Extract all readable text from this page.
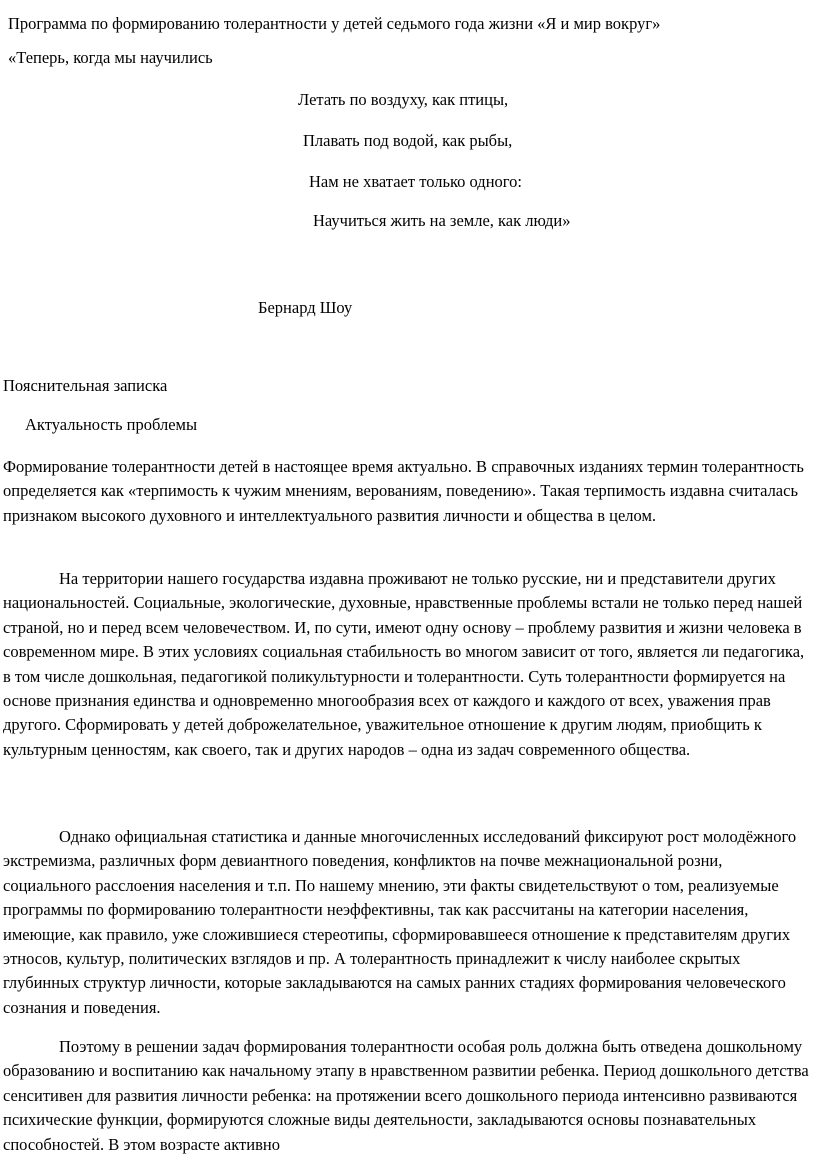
Программа по формированию толерантности у детей седьмого года жизни «Я и мир вокруг»
«Теперь, когда мы научились
Летать по воздуху, как птицы,
Плавать под водой, как рыбы,
Нам не хватает только одного:
Научиться жить на земле, как люди»
Бернард Шоу
Пояснительная записка
Актуальность проблемы

Формирование толерантности детей в настоящее время актуально. В справочных изданиях термин толерантность определяется как «терпимость к чужим мнениям, верованиям, поведению». Такая терпимость издавна считалась признаком высокого духовного и интеллектуального развития личности и общества в целом.

На территории нашего государства издавна проживают не только русские, ни и представители других национальностей. Социальные, экологические, духовные, нравственные проблемы встали не только перед нашей страной, но и перед всем человечеством. И, по сути, имеют одну основу – проблему развития и жизни человека в современном мире. В этих условиях социальная стабильность во многом зависит от того, является ли педагогика, в том числе дошкольная, педагогикой поликультурности и толерантности. Суть толерантности формируется на основе признания единства и одновременно многообразия всех от каждого и каждого от всех, уважения прав другого. Сформировать у детей доброжелательное, уважительное отношение к другим людям, приобщить к культурным ценностям, как своего, так и других народов – одна из задач современного общества.

Однако официальная статистика и данные многочисленных исследований фиксируют рост молодёжного экстремизма, различных форм девиантного поведения, конфликтов на почве межнациональной розни, социального расслоения населения и т.п. По нашему мнению, эти факты свидетельствуют о том, реализуемые программы по формированию толерантности неэффективны, так как рассчитаны на категории населения, имеющие, как правило, уже сложившиеся стереотипы, сформировавшееся отношение к представителям других этносов, культур, политических взглядов и пр. А толерантность принадлежит к числу наиболее скрытых глубинных структур личности, которые закладываются на самых ранних стадиях формирования человеческого сознания и поведения.

Поэтому в решении задач формирования толерантности особая роль должна быть отведена дошкольному образованию и воспитанию как начальному этапу в нравственном развитии ребенка. Период дошкольного детства сенситивен для развития личности ребенка: на протяжении всего дошкольного периода интенсивно развиваются психические функции, формируются сложные виды деятельности, закладываются основы познавательных способностей. В этом возрасте активно
